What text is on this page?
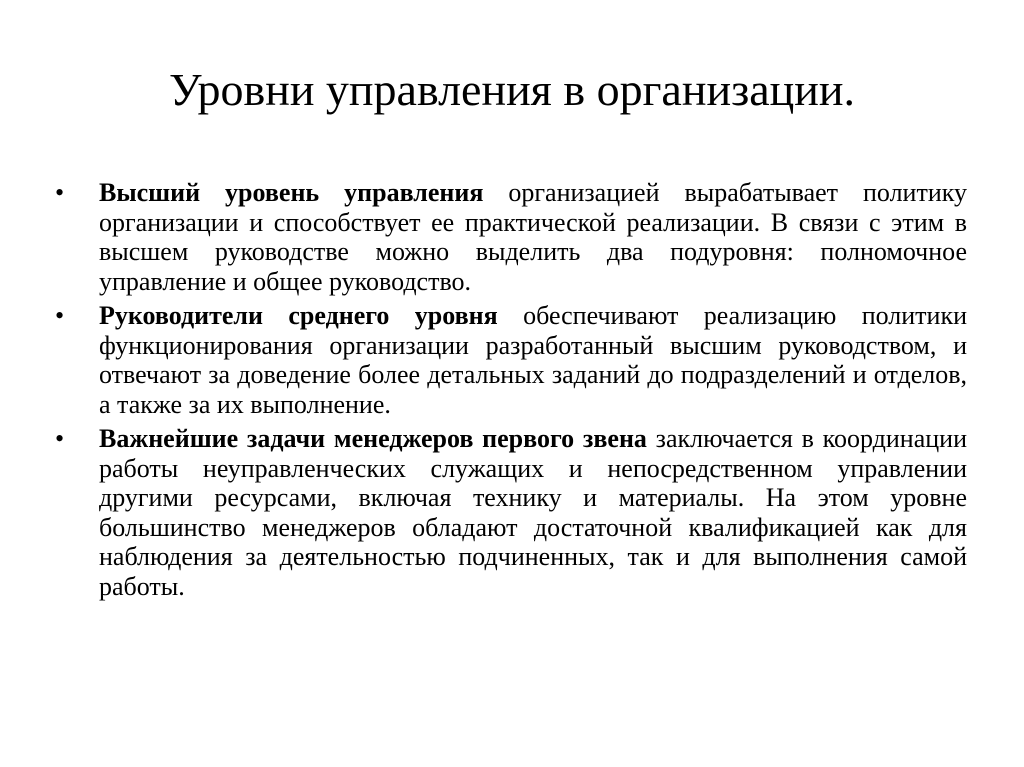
Уровни управления в организации.
•	Высший уровень управления организацией вырабатывает политику организации и способствует ее практической реализации. В связи с этим в высшем руководстве можно выделить два подуровня: полномочное управление и общее руководство.
•	Руководители среднего уровня обеспечивают реализацию политики функционирования организации разработанный высшим руководством, и отвечают за доведение более детальных заданий до подразделений и отделов, а также за их выполнение.
•	Важнейшие задачи менеджеров первого звена заключается в координации работы неуправленческих служащих и непосредственном управлении другими ресурсами, включая технику и материалы. На этом уровне большинство менеджеров обладают достаточной квалификацией как для наблюдения за деятельностью подчиненных, так и для выполнения самой работы.
